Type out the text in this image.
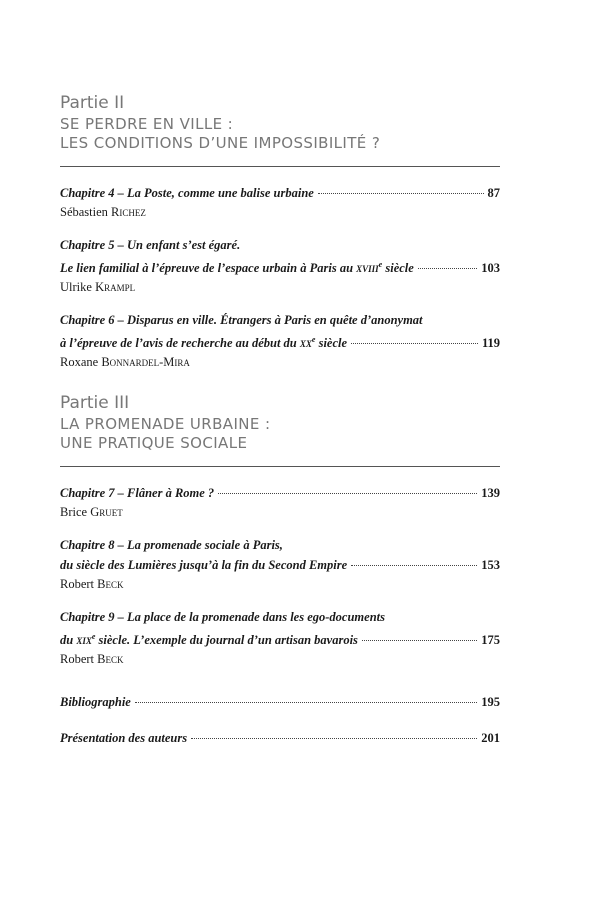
Partie II
SE PERDRE EN VILLE :
LES CONDITIONS D’UNE IMPOSSIBILITÉ ?
Chapitre 4 – La Poste, comme une balise urbaine	87
Sébastien Richez
Chapitre 5 – Un enfant s’est égaré.
Le lien familial à l’épreuve de l’espace urbain à Paris au xviii$^e$ siècle	103
Ulrike Krampl
Chapitre 6 – Disparus en ville. Étrangers à Paris en quête d’anonymat
à l’épreuve de l’avis de recherche au début du $xx^e$ siècle	119
Roxane Bonnardel-Mira
Partie III
LA PROMENADE URBAINE :
UNE PRATIQUE SOCIALE
Chapitre 7 – Flâner à Rome ?	139
Brice Gruet
Chapitre 8 – La promenade sociale à Paris,
du siècle des Lumières jusqu’à la fin du Second Empire	153
Robert Beck
Chapitre 9 – La place de la promenade dans les ego-documents
du xix$^e$ siècle. L’exemple du journal d’un artisan bavarois	175
Robert Beck
Bibliographie	195
Présentation des auteurs	201
